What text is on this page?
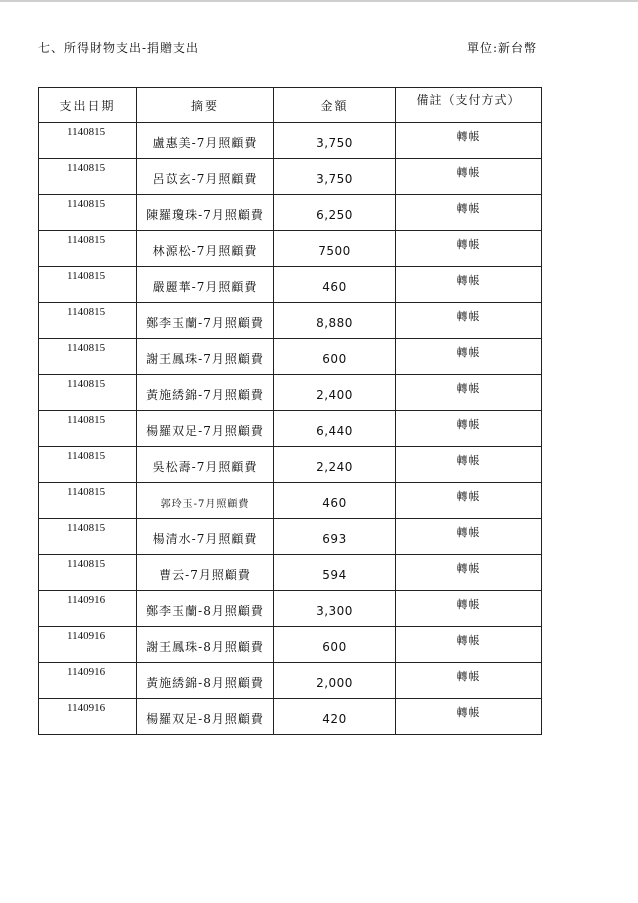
七、所得財物支出-捐贈支出	單位:新台幣
支出日期	摘要	金額	備註（支付方式）
1140815	盧惠美-7月照顧費	3,750	轉帳
1140815	呂苡玄-7月照顧費	3,750	轉帳
1140815	陳羅瓊珠-7月照顧費	6,250	轉帳
1140815	林源松-7月照顧費	7500	轉帳
1140815	嚴麗華-7月照顧費	460	轉帳
1140815	鄭李玉蘭-7月照顧費	8,880	轉帳
1140815	謝王鳳珠-7月照顧費	600	轉帳
1140815	黃施綉錦-7月照顧費	2,400	轉帳
1140815	楊羅双足-7月照顧費	6,440	轉帳
1140815	吳松壽-7月照顧費	2,240	轉帳
1140815	郭玲玉-7月照顧費	460	轉帳
1140815	楊清水-7月照顧費	693	轉帳
1140815	曹云-7月照顧費	594	轉帳
1140916	鄭李玉蘭-8月照顧費	3,300	轉帳
1140916	謝王鳳珠-8月照顧費	600	轉帳
1140916	黃施綉錦-8月照顧費	2,000	轉帳
1140916	楊羅双足-8月照顧費	420	轉帳
